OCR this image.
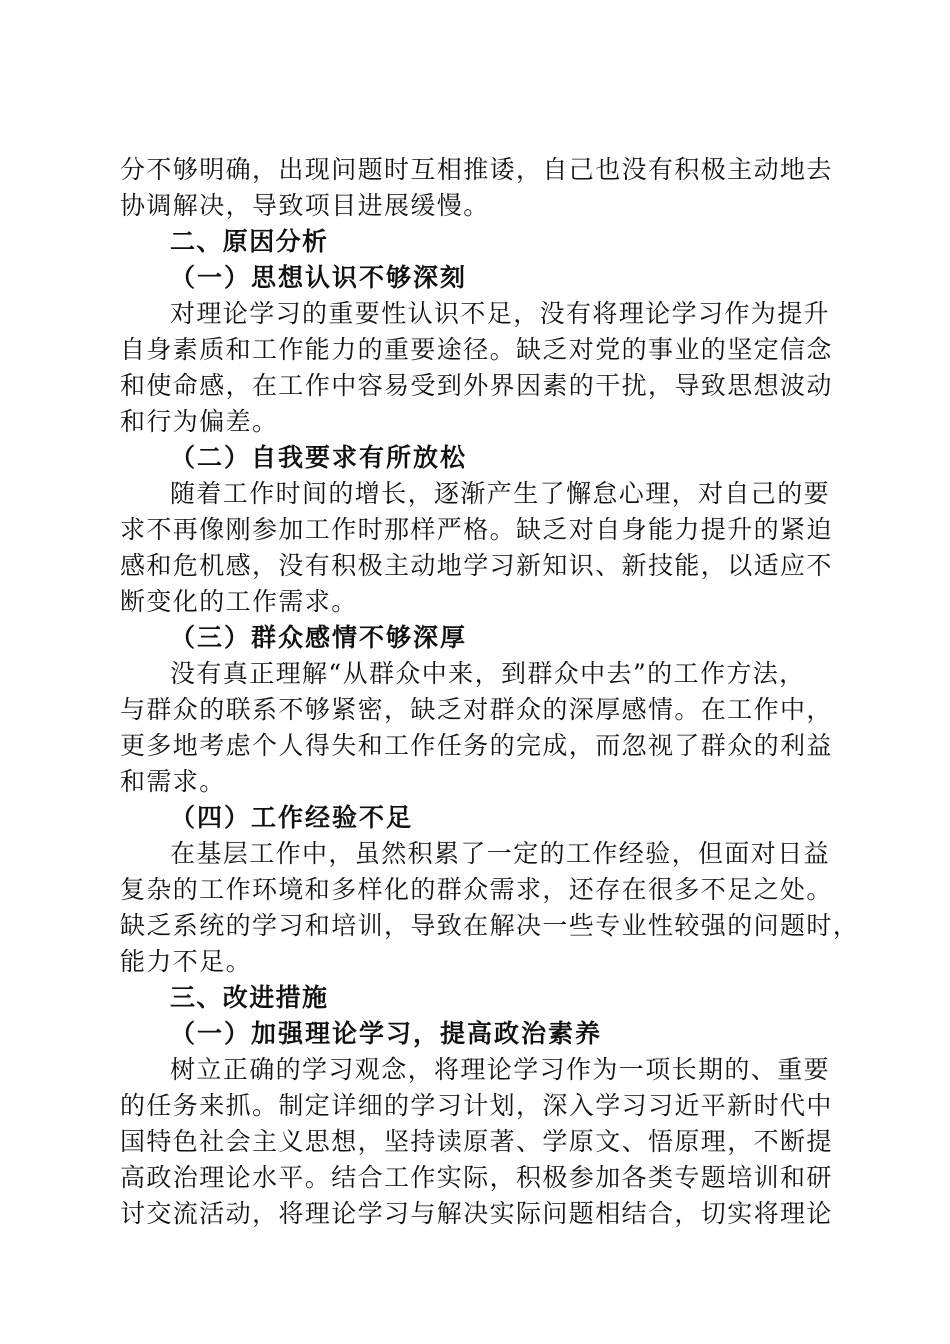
分不够明确，出现问题时互相推诿，自己也没有积极主动地去
协调解决，导致项目进展缓慢。
二、原因分析
（一）思想认识不够深刻
对理论学习的重要性认识不足，没有将理论学习作为提升
自身素质和工作能力的重要途径。缺乏对党的事业的坚定信念
和使命感，在工作中容易受到外界因素的干扰，导致思想波动
和行为偏差。
（二）自我要求有所放松
随着工作时间的增长，逐渐产生了懈怠心理，对自己的要
求不再像刚参加工作时那样严格。缺乏对自身能力提升的紧迫
感和危机感，没有积极主动地学习新知识、新技能，以适应不
断变化的工作需求。
（三）群众感情不够深厚
没有真正理解“从群众中来，到群众中去”的工作方法，
与群众的联系不够紧密，缺乏对群众的深厚感情。在工作中，
更多地考虑个人得失和工作任务的完成，而忽视了群众的利益
和需求。
（四）工作经验不足
在基层工作中，虽然积累了一定的工作经验，但面对日益
复杂的工作环境和多样化的群众需求，还存在很多不足之处。
缺乏系统的学习和培训，导致在解决一些专业性较强的问题时，
能力不足。
三、改进措施
（一）加强理论学习，提高政治素养
树立正确的学习观念，将理论学习作为一项长期的、重要
的任务来抓。制定详细的学习计划，深入学习习近平新时代中
国特色社会主义思想，坚持读原著、学原文、悟原理，不断提
高政治理论水平。结合工作实际，积极参加各类专题培训和研
讨交流活动，将理论学习与解决实际问题相结合，切实将理论
